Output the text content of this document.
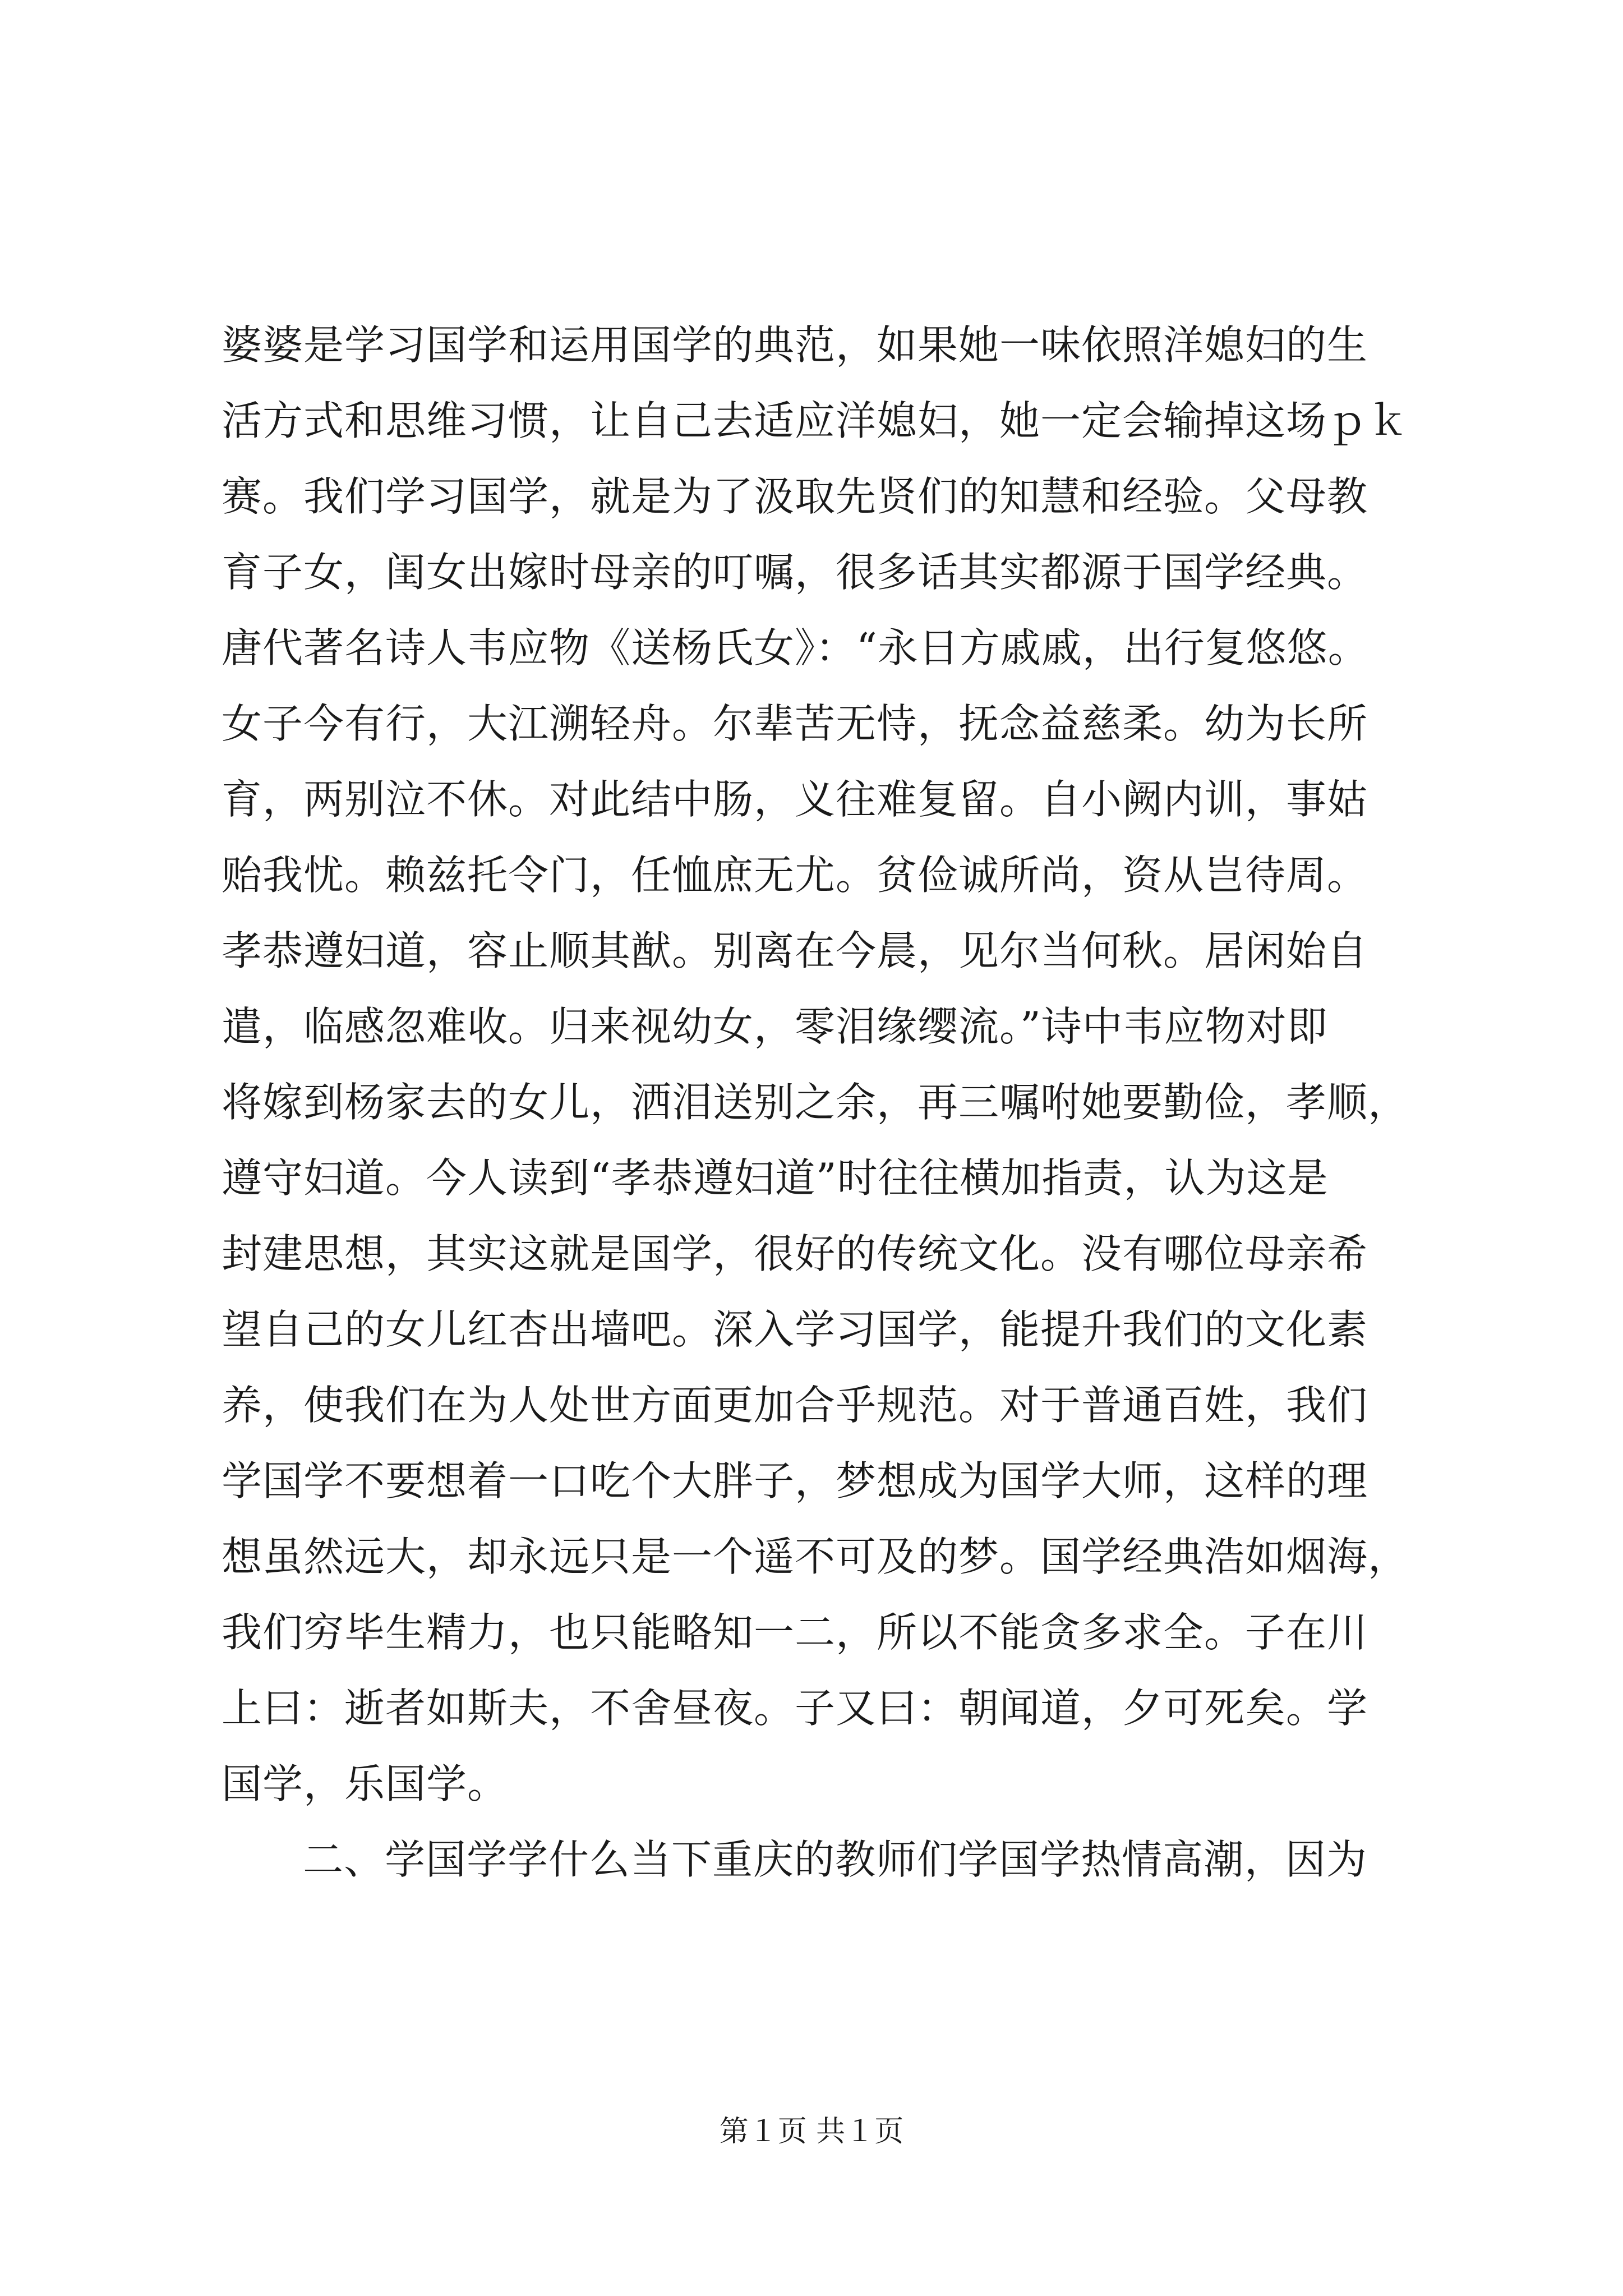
婆婆是学习国学和运用国学的典范，如果她一味依照洋媳妇的生
活方式和思维习惯，让自己去适应洋媳妇，她一定会输掉这场ｐｋ
赛。我们学习国学，就是为了汲取先贤们的知慧和经验。父母教
育子女，闺女出嫁时母亲的叮嘱，很多话其实都源于国学经典。
唐代著名诗人韦应物《送杨氏女》：“永日方戚戚，出行复悠悠。
女子今有行，大江溯轻舟。尔辈苦无恃，抚念益慈柔。幼为长所
育，两别泣不休。对此结中肠，义往难复留。自小阙内训，事姑
贻我忧。赖兹托令门，任恤庶无尤。贫俭诚所尚，资从岂待周。
孝恭遵妇道，容止顺其猷。别离在今晨，见尔当何秋。居闲始自
遣，临感忽难收。归来视幼女，零泪缘缨流。”诗中韦应物对即
将嫁到杨家去的女儿，洒泪送别之余，再三嘱咐她要勤俭，孝顺，
遵守妇道。今人读到“孝恭遵妇道”时往往横加指责，认为这是
封建思想，其实这就是国学，很好的传统文化。没有哪位母亲希
望自己的女儿红杏出墙吧。深入学习国学，能提升我们的文化素
养，使我们在为人处世方面更加合乎规范。对于普通百姓，我们
学国学不要想着一口吃个大胖子，梦想成为国学大师，这样的理
想虽然远大，却永远只是一个遥不可及的梦。国学经典浩如烟海，
我们穷毕生精力，也只能略知一二，所以不能贪多求全。子在川
上曰：逝者如斯夫，不舍昼夜。子又曰：朝闻道，夕可死矣。学
国学，乐国学。
二、学国学学什么当下重庆的教师们学国学热情高潮，因为
第１页 共１页
